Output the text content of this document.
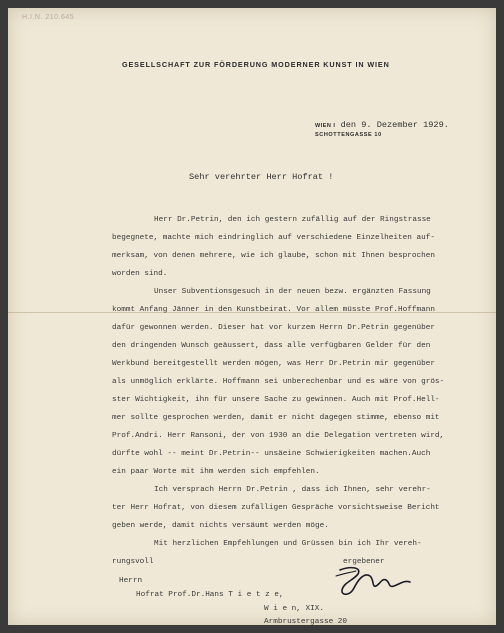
H.I.N. 210.645
GESELLSCHAFT ZUR FÖRDERUNG MODERNER KUNST IN WIEN
WIEN I den 9. Dezember 1929.
SCHOTTENGASSE 10
Sehr verehrter Herr Hofrat !
Herr Dr.Petrin, den ich gestern zufällig auf der Ringstrasse
begegnete, machte mich eindringlich auf verschiedene Einzelheiten auf-
merksam, von denen mehrere, wie ich glaube, schon mit Ihnen besprochen
worden sind.
Unser Subventionsgesuch in der neuen bezw. ergänzten Fassung
kommt Anfang Jänner in den Kunstbeirat. Vor allem müsste Prof.Hoffmann
dafür gewonnen werden. Dieser hat vor kurzem Herrn Dr.Petrin gegenüber
den dringenden Wunsch geäussert, dass alle verfügbaren Gelder für den
Werkbund bereitgestellt werden mögen, was Herr Dr.Petrin mir gegenüber
als unmöglich erklärte. Hoffmann sei unberechenbar und es wäre von grös-
ster Wichtigkeit, ihn für unsere Sache zu gewinnen. Auch mit Prof.Hell-
mer sollte gesprochen werden, damit er nicht dagegen stimme, ebenso mit
Prof.Andri. Herr Ransoni, der von 1930 an die Delegation vertreten wird,
dürfte wohl -- meint Dr.Petrin-- unsäeine Schwierigkeiten machen.Auch
ein paar Worte mit ihm werden sich empfehlen.
Ich versprach Herrn Dr.Petrin , dass ich Ihnen, sehr verehr-
ter Herr Hofrat, von diesem zufälligen Gespräche vorsichtsweise Bericht
geben werde, damit nichts versäumt werden möge.
Mit herzlichen Empfehlungen und Grüssen bin ich Ihr vereh-
rungsvoll	ergebener
Herrn
Hofrat Prof.Dr.Hans T i e t z e,
W i e n, XIX.
Armbrustergasse 20
